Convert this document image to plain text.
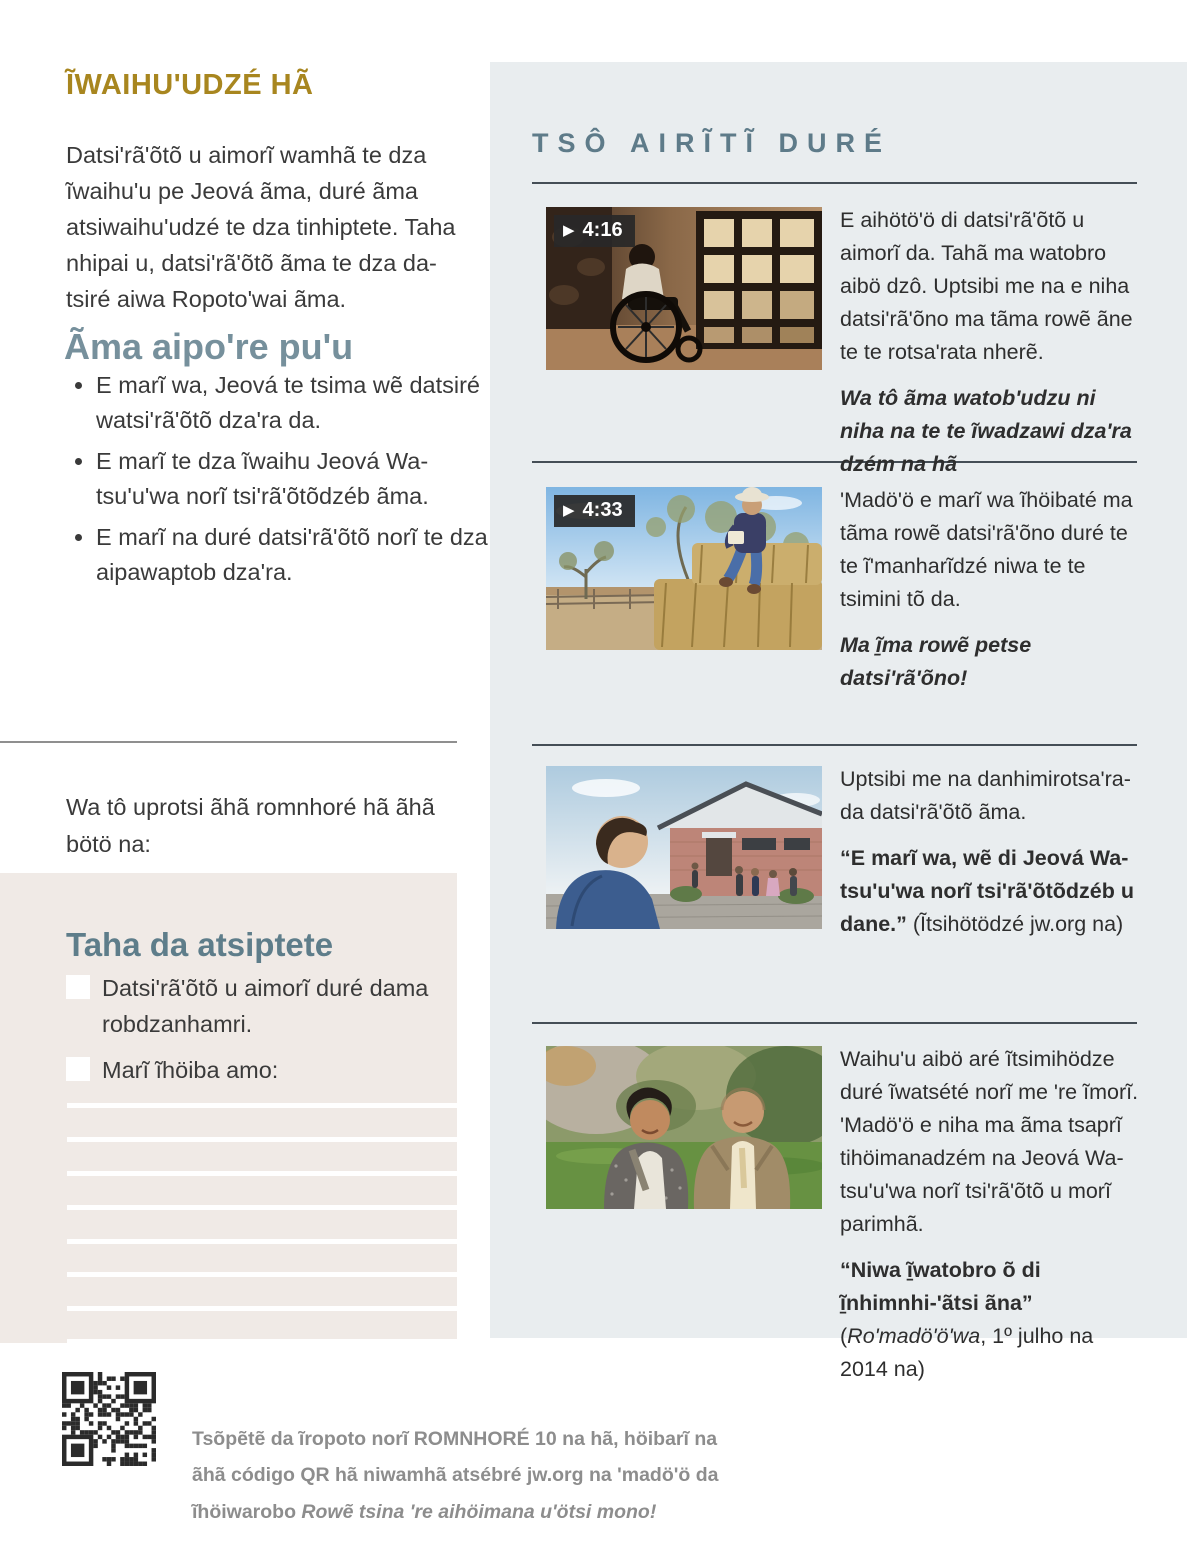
ĨWAIHU'UDZÉ HÃ

Datsi'rã'õtõ u aimorĩ wamhã te dza ĩwaihu'u pe Jeová ãma, duré ãma atsiwaihu'udzé te dza tinhiptete. Taha nhipai u, datsi'rã'õtõ ãma te dza da-tsiré aiwa Ropoto'wai ãma.

Ãma aipo're pu'u
• E marĩ wa, Jeová te tsima wẽ datsiré watsi'rã'õtõ dza'ra da.
• E marĩ te dza ĩwaihu Jeová Wa-tsu'u'wa norĩ tsi'rã'õtõdzéb ãma.
• E marĩ na duré datsi'rã'õtõ norĩ te dza aipawaptob dza'ra.

Wa tô uprotsi ãhã romnhoré hã ãhã bötö na:

Taha da atsiptete
Datsi'rã'õtõ u aimorĩ duré dama robdzanhamri.
Marĩ ĩhöiba amo:
TSÔ AIRĨTĨ DURÉ
▶ 4:16	E aihötö'ö di datsi'rã'õtõ u aimorĩ da. Tahã ma watobro aibö dzô. Uptsibi me na e niha datsi'rã'õno ma tãma rowẽ ãne te te rotsa'rata nherẽ.

Wa tô ãma watob'udzu ni niha na te te ĩwadzawi dza'ra dzém na hã

▶ 4:33	'Madö'ö e marĩ wa ĩhöibaté ma tãma rowẽ datsi'rã'õno duré te te ĩ'manharĩdzé niwa te te tsimini tõ da.

Ma ĩ̱ma rowẽ petse datsi'rã'õno!

Uptsibi me na danhimirotsa'ra-da datsi'rã'õtõ ãma.

“E marĩ wa, wẽ di Jeová Wa-tsu'u'wa norĩ tsi'rã'õtõdzéb u dane.” (Ĩtsihötödzé jw.org na)

Waihu'u aibö aré ĩtsimihödze duré ĩwatsété norĩ me 're ĩmorĩ. 'Madö'ö e niha ma ãma tsaprĩ tihöimanadzém na Jeová Wa-tsu'u'wa norĩ tsi'rã'õtõ u morĩ parimhã.

“Niwa ĩ̱watobro õ di ĩ̱nhimnhi-'ãtsi ãna” (Ro'madö'ö'wa, 1º julho na 2014 na)

Tsõpẽtẽ da ĩropoto norĩ ROMNHORÉ 10 na hã, höibarĩ na ãhã código QR hã niwamhã atsébré jw.org na 'madö'ö da ĩhöiwarobo Rowẽ tsina 're aihöimana u'ötsi mono!
